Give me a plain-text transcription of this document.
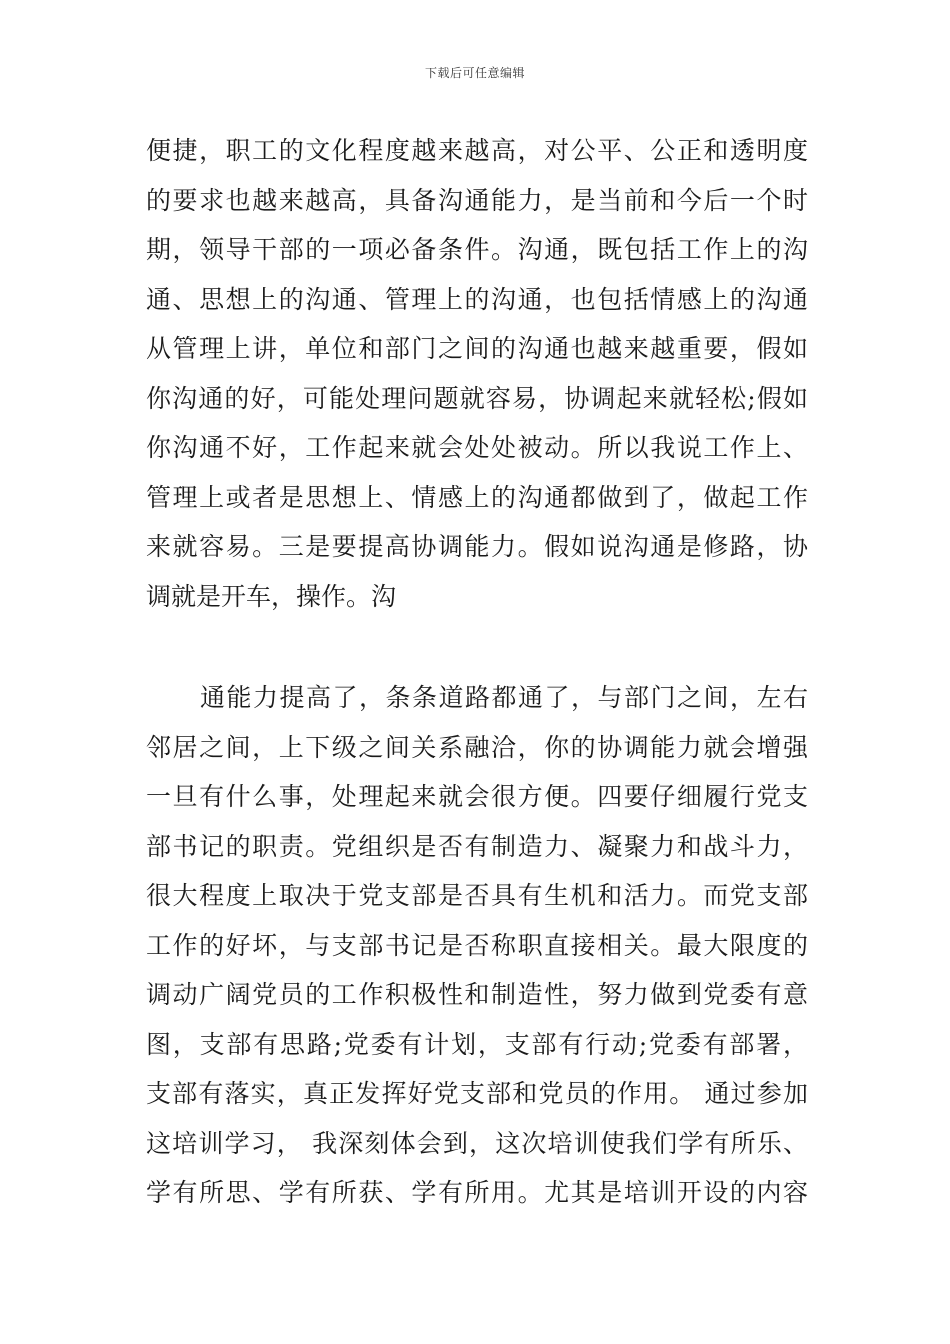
下载后可任意编辑
便捷，职工的文化程度越来越高，对公平、公正和透明度
的要求也越来越高，具备沟通能力，是当前和今后一个时
期，领导干部的一项必备条件。沟通，既包括工作上的沟
通、思想上的沟通、管理上的沟通，也包括情感上的沟通
从管理上讲，单位和部门之间的沟通也越来越重要，假如
你沟通的好，可能处理问题就容易，协调起来就轻松;假如
你沟通不好，工作起来就会处处被动。所以我说工作上、
管理上或者是思想上、情感上的沟通都做到了，做起工作
来就容易。三是要提高协调能力。假如说沟通是修路，协
调就是开车，操作。沟
通能力提高了，条条道路都通了，与部门之间，左右
邻居之间，上下级之间关系融洽，你的协调能力就会增强
一旦有什么事，处理起来就会很方便。四要仔细履行党支
部书记的职责。党组织是否有制造力、凝聚力和战斗力，
很大程度上取决于党支部是否具有生机和活力。而党支部
工作的好坏，与支部书记是否称职直接相关。最大限度的
调动广阔党员的工作积极性和制造性，努力做到党委有意
图，支部有思路;党委有计划，支部有行动;党委有部署，
支部有落实，真正发挥好党支部和党员的作用。 通过参加
这培训学习， 我深刻体会到，这次培训使我们学有所乐、
学有所思、学有所获、学有所用。尤其是培训开设的内容
